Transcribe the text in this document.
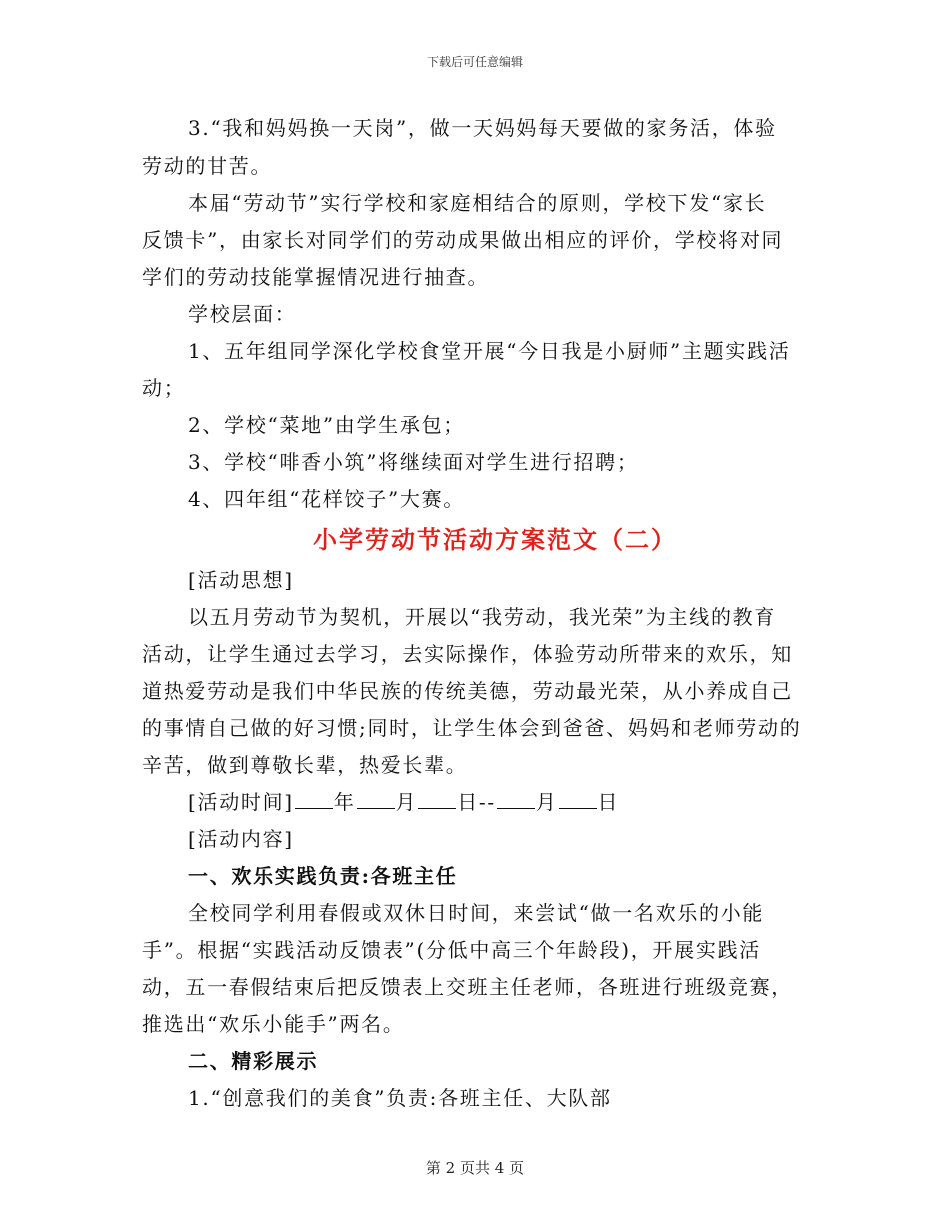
下载后可任意编辑
3.“我和妈妈换一天岗”，做一天妈妈每天要做的家务活，体验
劳动的甘苦。
本届“劳动节”实行学校和家庭相结合的原则，学校下发“家长
反馈卡”，由家长对同学们的劳动成果做出相应的评价，学校将对同
学们的劳动技能掌握情况进行抽查。
学校层面：
1、五年组同学深化学校食堂开展“今日我是小厨师”主题实践活
动；
2、学校“菜地”由学生承包；
3、学校“啡香小筑”将继续面对学生进行招聘；
4、四年组“花样饺子”大赛。
小学劳动节活动方案范文（二）
[活动思想]
以五月劳动节为契机，开展以“我劳动，我光荣”为主线的教育
活动，让学生通过去学习，去实际操作，体验劳动所带来的欢乐，知
道热爱劳动是我们中华民族的传统美德，劳动最光荣，从小养成自己
的事情自己做的好习惯;同时，让学生体会到爸爸、妈妈和老师劳动的
辛苦，做到尊敬长辈，热爱长辈。
[活动时间] 年 月 日-- 月 日
[活动内容]
一、欢乐实践负责:各班主任
全校同学利用春假或双休日时间，来尝试“做一名欢乐的小能
手”。根据“实践活动反馈表”(分低中高三个年龄段)，开展实践活
动，五一春假结束后把反馈表上交班主任老师，各班进行班级竞赛，
推选出“欢乐小能手”两名。
二、精彩展示
1.“创意我们的美食”负责:各班主任、大队部
第 2 页共 4 页
